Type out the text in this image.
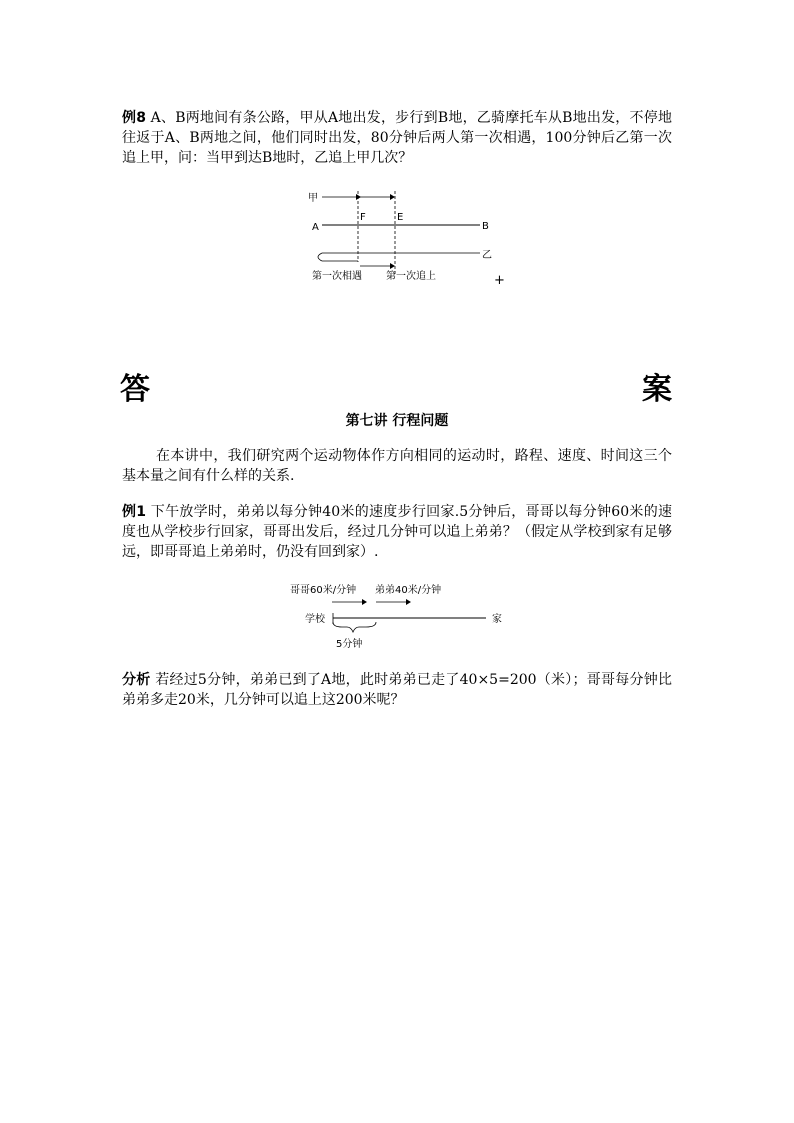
例8 A、B两地间有条公路，甲从A地出发，步行到B地，乙骑摩托车从B地出发，不停地往返于A、B两地之间，他们同时出发，80分钟后两人第一次相遇，100分钟后乙第一次追上甲，问：当甲到达B地时，乙追上甲几次？
甲
F	E
A	B
乙
第一次相遇 第一次追上	+
答	案
第七讲 行程问题
在本讲中，我们研究两个运动物体作方向相同的运动时，路程、速度、时间这三个基本量之间有什么样的关系.
例1 下午放学时，弟弟以每分钟40米的速度步行回家.5分钟后，哥哥以每分钟60米的速度也从学校步行回家，哥哥出发后，经过几分钟可以追上弟弟？（假定从学校到家有足够远，即哥哥追上弟弟时，仍没有回到家）.
哥哥60米/分钟 弟弟40米/分钟
学校	家
5分钟
分析 若经过5分钟，弟弟已到了A地，此时弟弟已走了40×5=200（米）；哥哥每分钟比弟弟多走20米，几分钟可以追上这200米呢？
